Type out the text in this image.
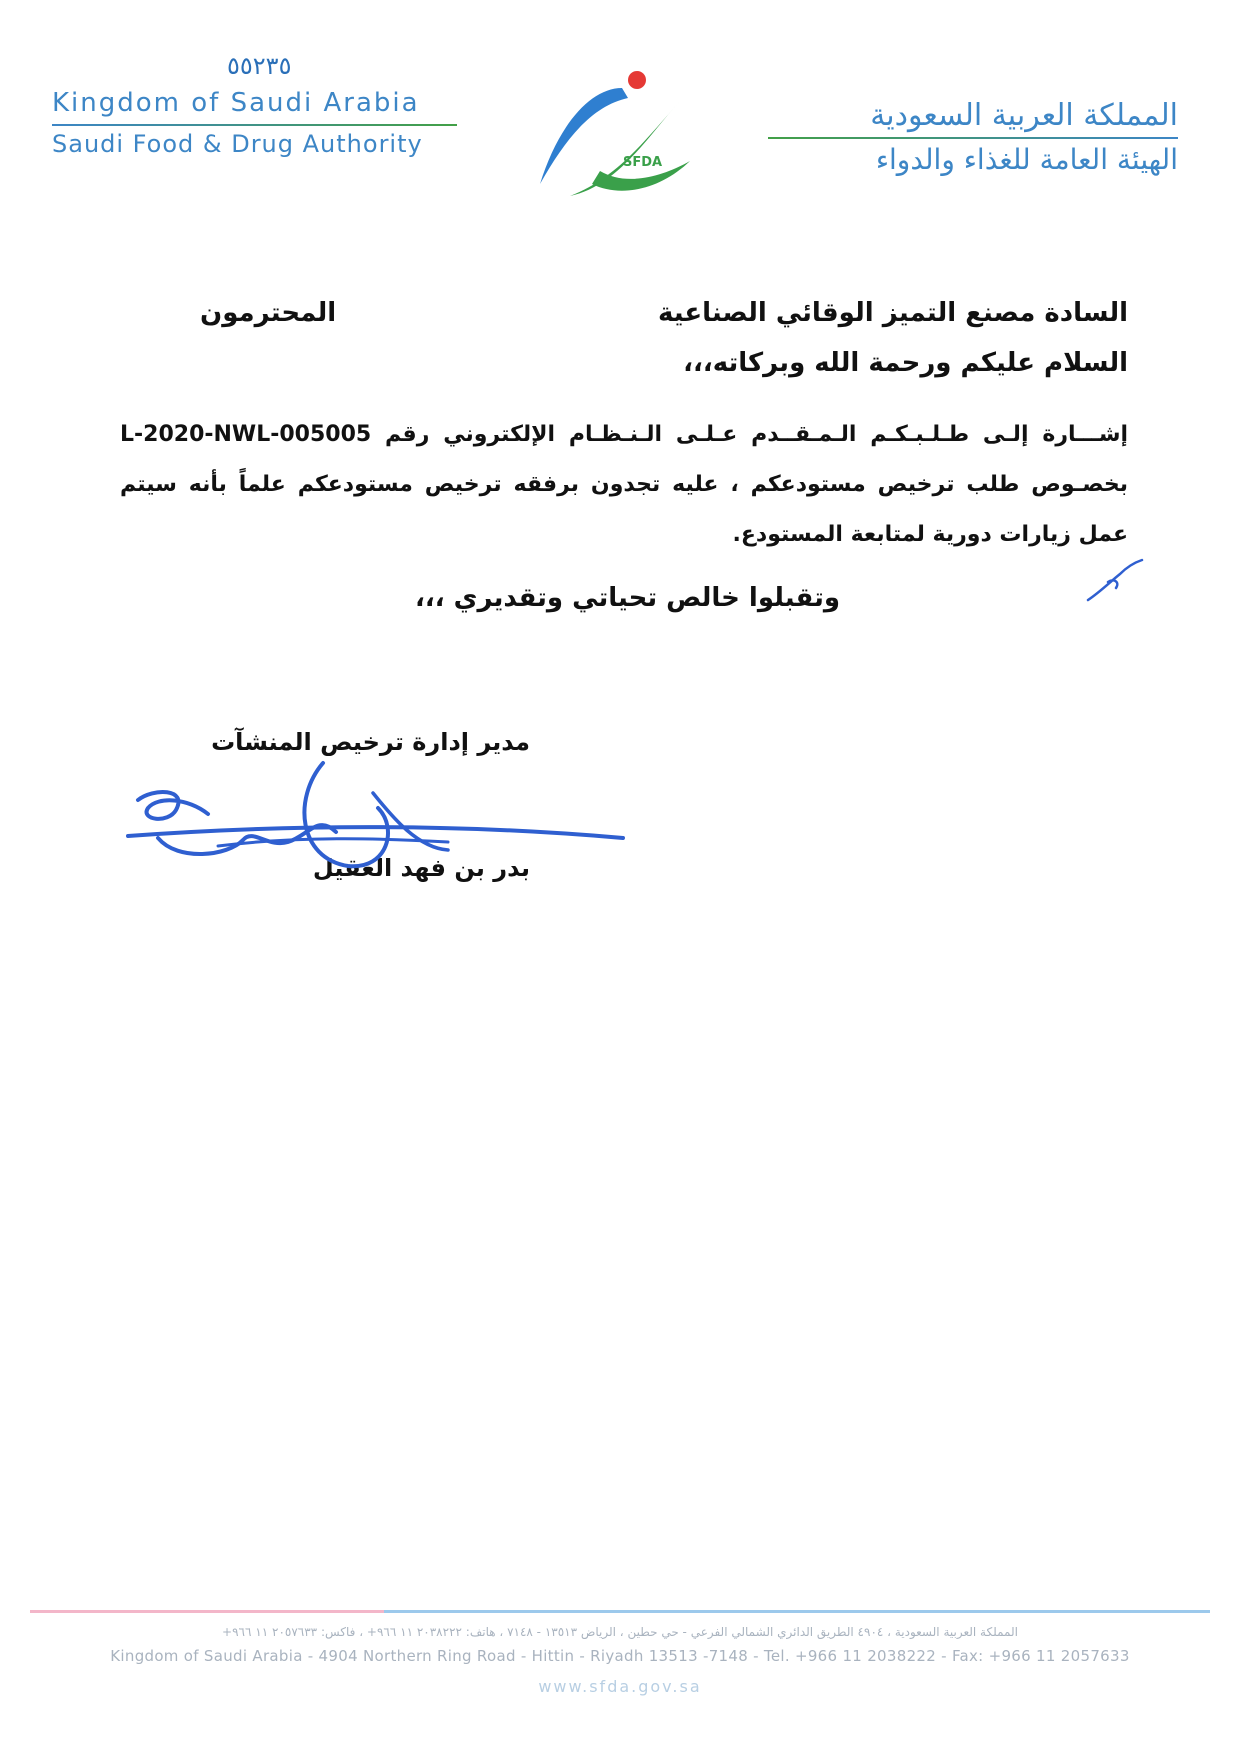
٥٥٢٣٥
Kingdom of Saudi Arabia
Saudi Food & Drug Authority
SFDA
المملكة العربية السعودية
الهيئة العامة للغذاء والدواء
السادة مصنع التميز الوقائي الصناعية
المحترمون
السلام عليكم ورحمة الله وبركاته،،،
إشـــارة إلـى طـلـبـكـم الـمـقــدم عـلـى الـنـظـام الإلكتروني رقم L-2020-NWL-005005 بخصـوص طلب ترخيص مستودعكم ، عليه تجدون برفقه ترخيص مستودعكم علماً بأنه سيتم عمل زيارات دورية لمتابعة المستودع.
وتقبلوا خالص تحياتي وتقديري ،،،
مدير إدارة ترخيص المنشآت
بدر بن فهد العقيل
المملكة العربية السعودية ، ٤٩٠٤ الطريق الدائري الشمالي الفرعي - حي حطين ، الرياض ١٣٥١٣ - ٧١٤٨ ، هاتف: ٢٠٣٨٢٢٢ ١١ ٩٦٦+ ، فاكس: ٢٠٥٧٦٣٣ ١١ ٩٦٦+
Kingdom of Saudi Arabia - 4904 Northern Ring Road - Hittin - Riyadh 13513 -7148 - Tel. +966 11 2038222 - Fax: +966 11 2057633
www.sfda.gov.sa
